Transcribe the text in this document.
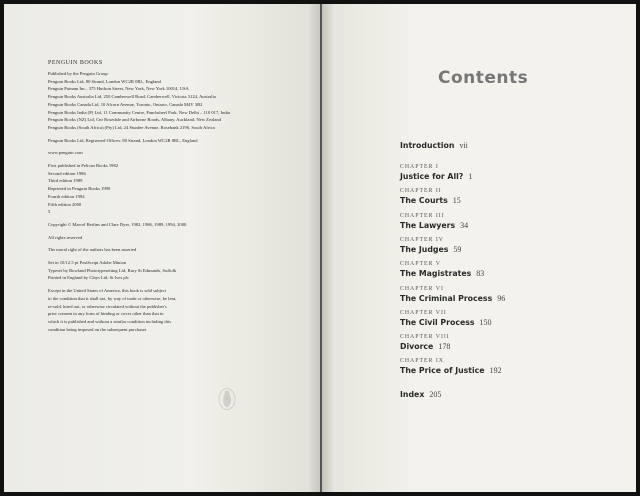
PENGUIN BOOKS
Published by the Penguin Group
Penguin Books Ltd, 80 Strand, London WC2R 0RL, England
Penguin Putnam Inc., 375 Hudson Street, New York, New York 10014, USA
Penguin Books Australia Ltd, 250 Camberwell Road, Camberwell, Victoria 3124, Australia
Penguin Books Canada Ltd, 10 Alcorn Avenue, Toronto, Ontario, Canada M4V 3B2
Penguin Books India (P) Ltd, 11 Community Centre, Panchsheel Park, New Delhi – 110 017, India
Penguin Books (NZ) Ltd, Cnr Rosedale and Airborne Roads, Albany, Auckland, New Zealand
Penguin Books (South Africa) (Pty) Ltd, 24 Sturdee Avenue, Rosebank 2196, South Africa
Penguin Books Ltd, Registered Offices: 80 Strand, London WC2R 0RL, England
www.penguin.com
First published in Pelican Books 1982
Second edition 1986
Third edition 1989
Reprinted in Penguin Books 1990
Fourth edition 1994
Fifth edition 2000
5
Copyright © Marcel Berlins and Clare Dyer, 1982, 1986, 1989, 1994, 2000
All rights reserved
The moral right of the authors has been asserted
Set in 10/12.5 pt PostScript Adobe Minion
Typeset by Rowland Phototypesetting Ltd, Bury St Edmunds, Suffolk
Printed in England by Clays Ltd, St Ives plc
Except in the United States of America, this book is sold subject
to the condition that it shall not, by way of trade or otherwise, be lent,
re-sold, hired out, or otherwise circulated without the publisher's
prior consent in any form of binding or cover other than that in
which it is published and without a similar condition including this
condition being imposed on the subsequent purchaser
Contents
Introduction vii
CHAPTER I
Justice for All? 1
CHAPTER II
The Courts 15
CHAPTER III
The Lawyers 34
CHAPTER IV
The Judges 59
CHAPTER V
The Magistrates 83
CHAPTER VI
The Criminal Process 96
CHAPTER VII
The Civil Process 150
CHAPTER VIII
Divorce 178
CHAPTER IX
The Price of Justice 192
Index 205
